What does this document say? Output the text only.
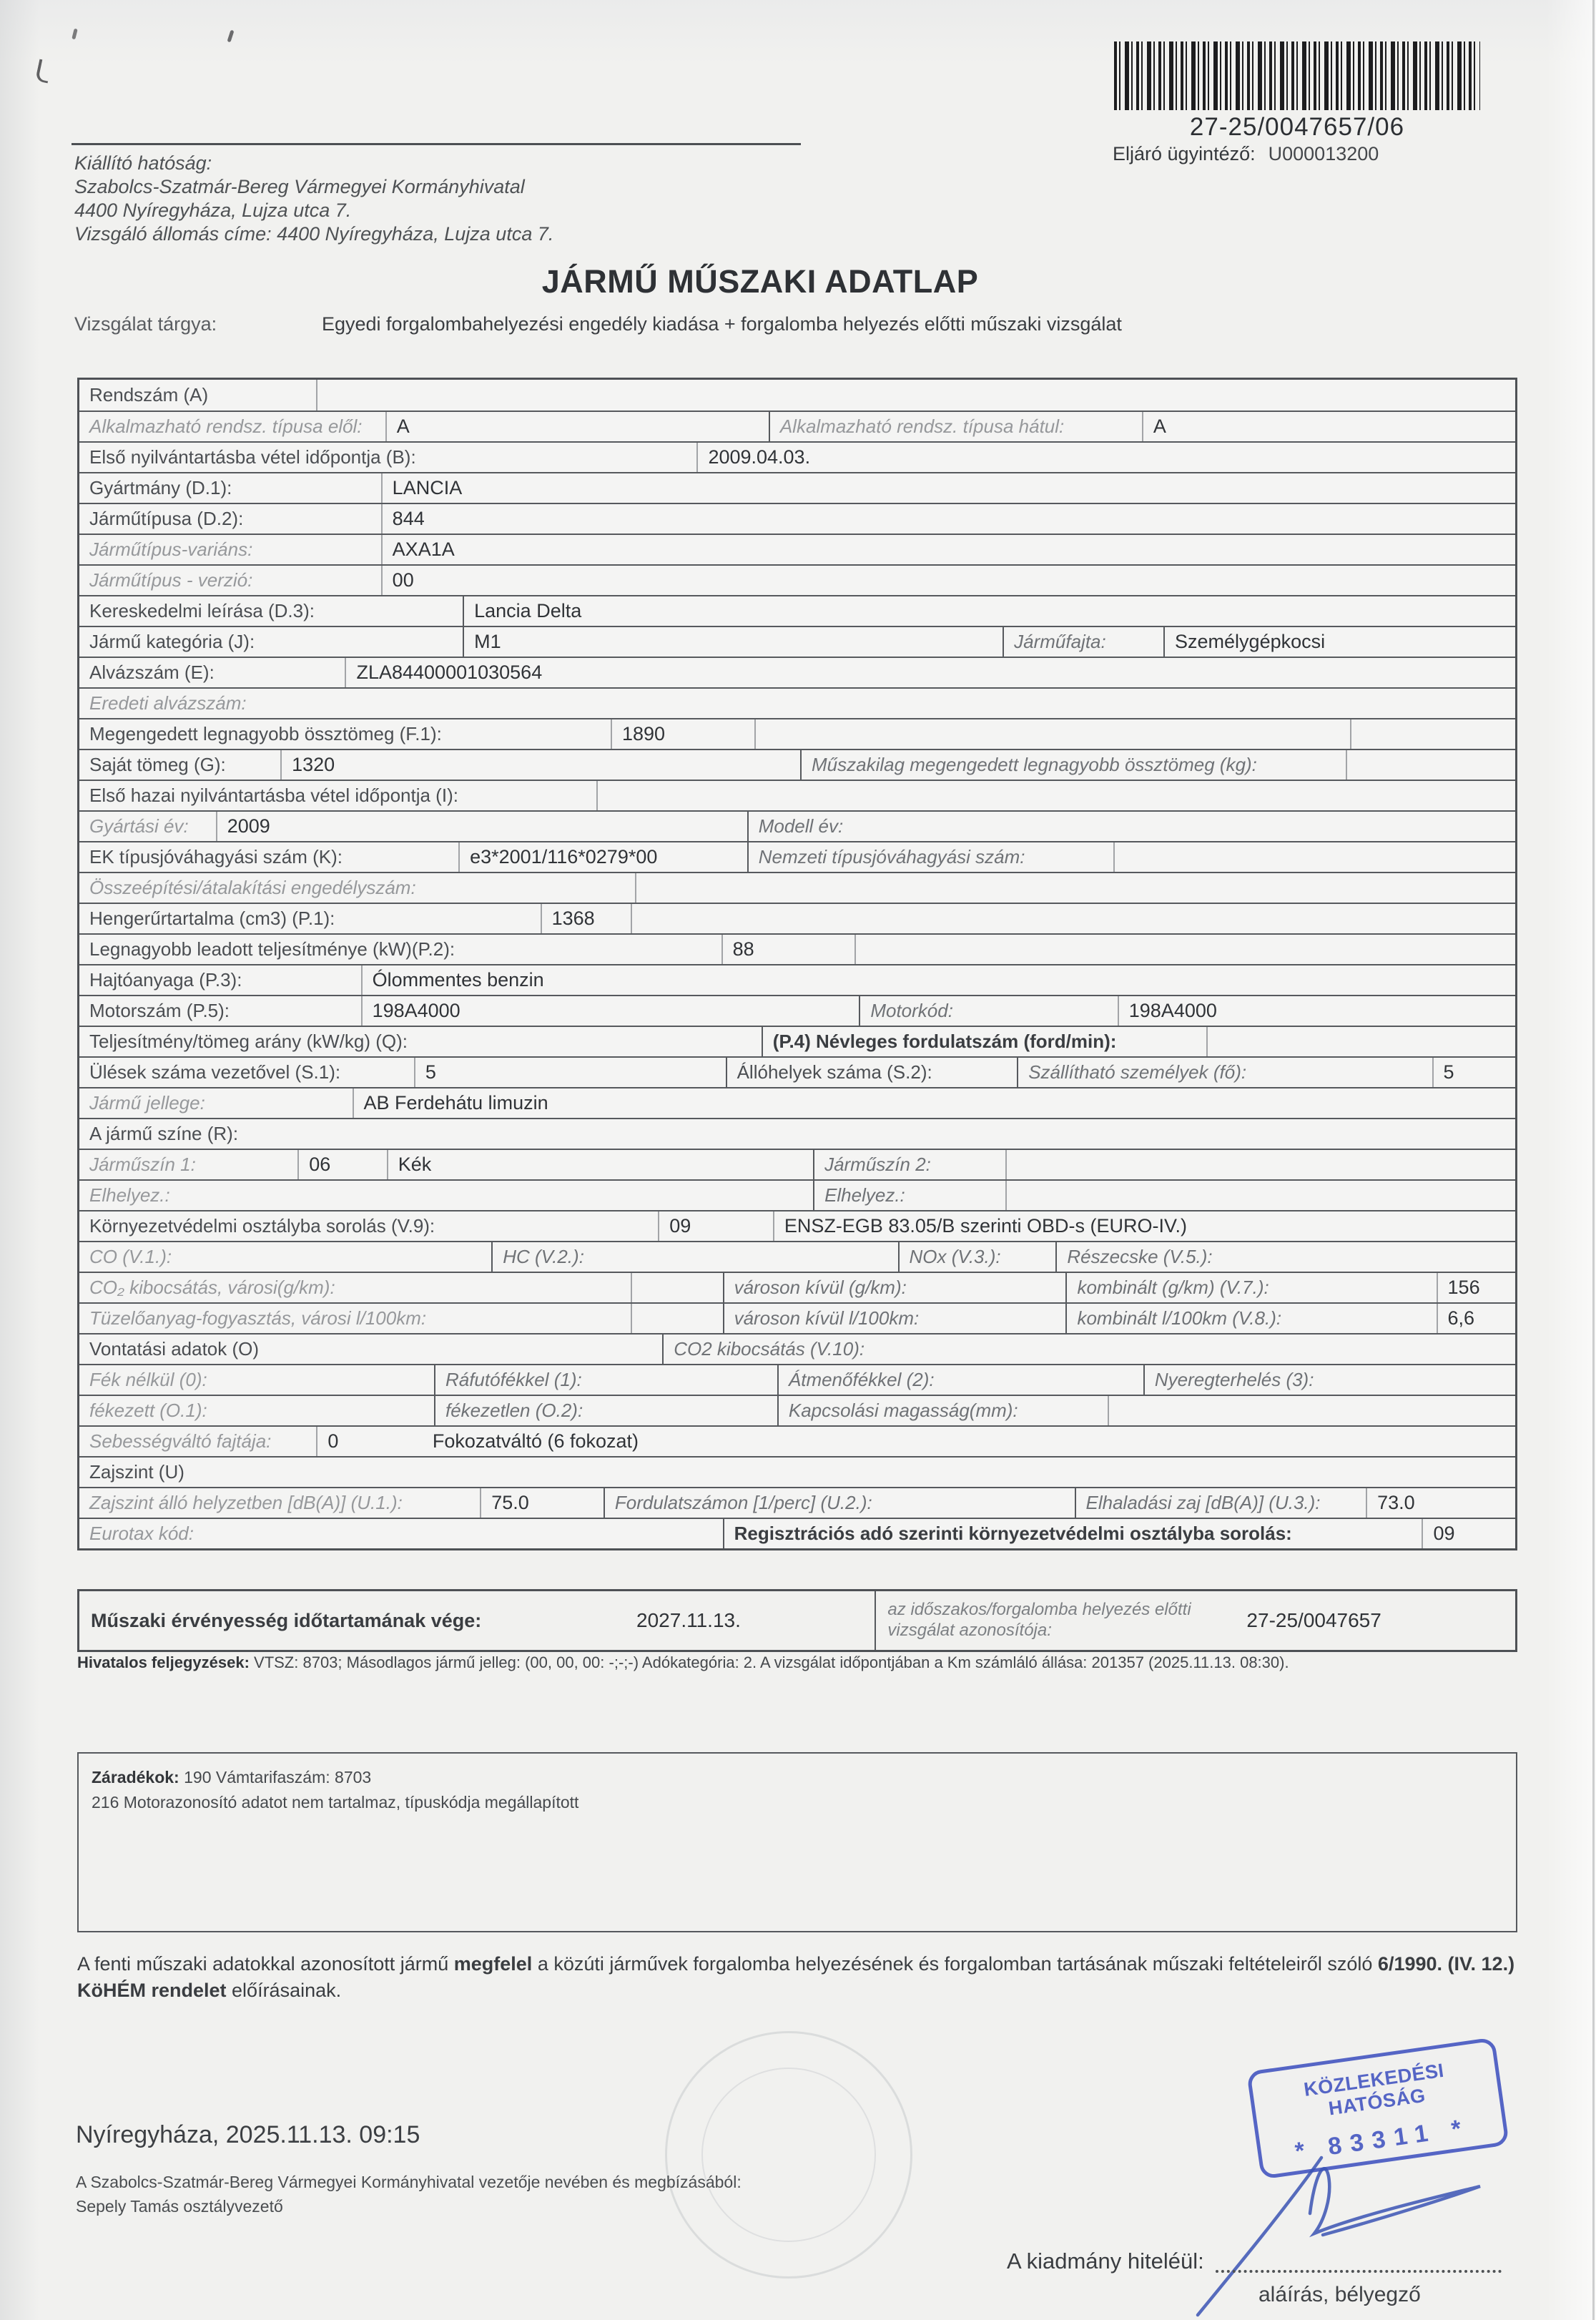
27-25/0047657/06
Eljáró ügyintéző: U000013200
Kiállító hatóság:
Szabolcs-Szatmár-Bereg Vármegyei Kormányhivatal
4400 Nyíregyháza, Lujza utca 7.
Vizsgáló állomás címe: 4400 Nyíregyháza, Lujza utca 7.
JÁRMŰ MŰSZAKI ADATLAP
Vizsgálat tárgya:	Egyedi forgalombahelyezési engedély kiadása + forgalomba helyezés előtti műszaki vizsgálat
Rendszám (A)
Alkalmazható rendsz. típusa elől:	A	Alkalmazható rendsz. típusa hátul:	A
Első nyilvántartásba vétel időpontja (B):	2009.04.03.
Gyártmány (D.1):	LANCIA
Járműtípusa (D.2):	844
Járműtípus-variáns:	AXA1A
Járműtípus - verzió:	00
Kereskedelmi leírása (D.3):	Lancia Delta
Jármű kategória (J):	M1	Járműfajta:	Személygépkocsi
Alvázszám (E):	ZLA84400001030564
Eredeti alvázszám:
Megengedett legnagyobb össztömeg (F.1):	1890
Saját tömeg (G):	1320	Műszakilag megengedett legnagyobb össztömeg (kg):
Első hazai nyilvántartásba vétel időpontja (I):
Gyártási év:	2009	Modell év:
EK típusjóváhagyási szám (K):	e3*2001/116*0279*00	Nemzeti típusjóváhagyási szám:
Összeépítési/átalakítási engedélyszám:
Hengerűrtartalma (cm3) (P.1):	1368
Legnagyobb leadott teljesítménye (kW)(P.2):	88
Hajtóanyaga (P.3):	Ólommentes benzin
Motorszám (P.5):	198A4000	Motorkód:	198A4000
Teljesítmény/tömeg arány (kW/kg) (Q):	(P.4) Névleges fordulatszám (ford/min):
Ülések száma vezetővel (S.1):	5	Állóhelyek száma (S.2):	Szállítható személyek (fő):	5
Jármű jellege:	AB Ferdehátu limuzin
A jármű színe (R):
Járműszín 1:	06	Kék	Járműszín 2:
Elhelyez.:	Elhelyez.:
Környezetvédelmi osztályba sorolás (V.9):	09	ENSZ-EGB 83.05/B szerinti OBD-s (EURO-IV.)
CO (V.1.):	HC (V.2.):	NOx (V.3.):	Részecske (V.5.):
CO₂ kibocsátás, városi(g/km):	városon kívül (g/km):	kombinált (g/km) (V.7.):	156
Tüzelőanyag-fogyasztás, városi l/100km:	városon kívül l/100km:	kombinált l/100km (V.8.):	6,6
Vontatási adatok (O)	CO2 kibocsátás (V.10):
Fék nélkül (0):	Ráfutófékkel (1):	Átmenőfékkel (2):	Nyeregterhelés (3):
fékezett (O.1):	fékezetlen (O.2):	Kapcsolási magasság(mm):
Sebességváltó fajtája:	0	Fokozatváltó (6 fokozat)
Zajszint (U)
Zajszint álló helyzetben [dB(A)] (U.1.):	75.0	Fordulatszámon [1/perc] (U.2.):	Elhaladási zaj [dB(A)] (U.3.):	73.0
Eurotax kód:	Regisztrációs adó szerinti környezetvédelmi osztályba sorolás:	09
Műszaki érvényesség időtartamának vége:	2027.11.13.	az időszakos/forgalomba helyezés előtti vizsgálat azonosítója:	27-25/0047657
Hivatalos feljegyzések: VTSZ: 8703; Másodlagos jármű jelleg: (00, 00, 00: -;-;-) Adókategória: 2. A vizsgálat időpontjában a Km számláló állása: 201357 (2025.11.13. 08:30).
Záradékok: 190 Vámtarifaszám: 8703
216 Motorazonosító adatot nem tartalmaz, típuskódja megállapított
A fenti műszaki adatokkal azonosított jármű megfelel a közúti járművek forgalomba helyezésének és forgalomban tartásának műszaki feltételeiről szóló 6/1990. (IV. 12.) KöHÉM rendelet előírásainak.
KÖZLEKEDÉSI HATÓSÁG
* 83311 *
Nyíregyháza, 2025.11.13. 09:15
A Szabolcs-Szatmár-Bereg Vármegyei Kormányhivatal vezetője nevében és megbízásából:
Sepely Tamás osztályvezető
A kiadmány hiteléül:
aláírás, bélyegző
